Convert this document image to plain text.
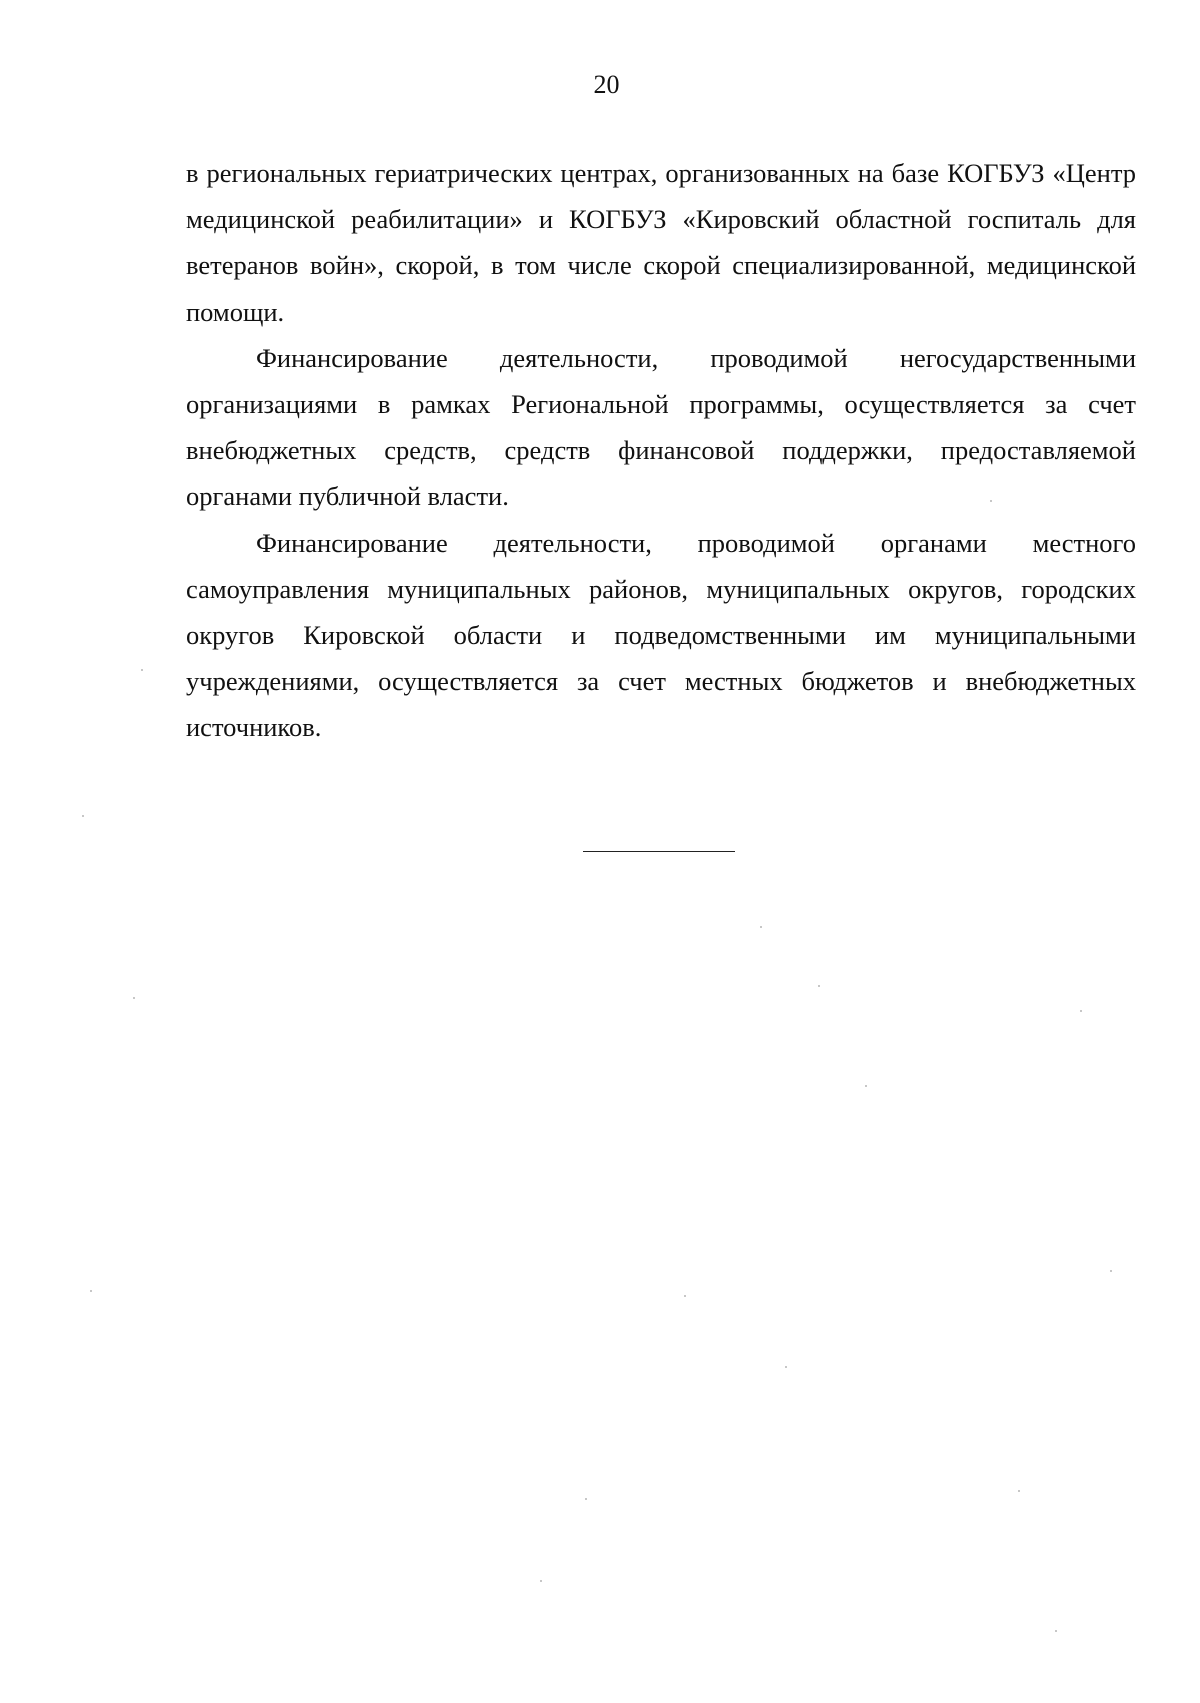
20

в региональных гериатрических центрах, организованных на базе КОГБУЗ «Центр медицинской реабилитации» и КОГБУЗ «Кировский областной госпиталь для ветеранов войн», скорой, в том числе скорой специализированной, медицинской помощи.

Финансирование деятельности, проводимой негосударственными организациями в рамках Региональной программы, осуществляется за счет внебюджетных средств, средств финансовой поддержки, предоставляемой органами публичной власти.

Финансирование деятельности, проводимой органами местного самоуправления муниципальных районов, муниципальных округов, городских округов Кировской области и подведомственными им муниципальными учреждениями, осуществляется за счет местных бюджетов и внебюджетных источников.
